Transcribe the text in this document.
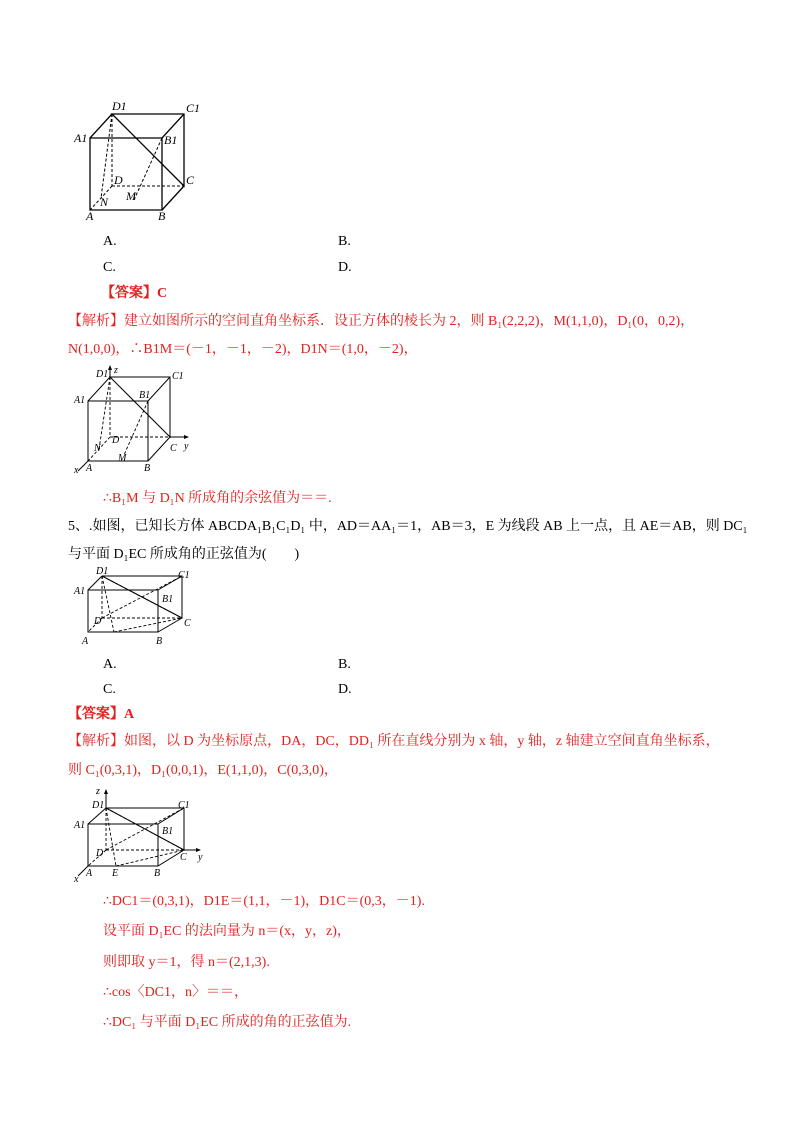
D1	C1
A1	B1
D	C
N M
A	B
A.	B.
C.	D.
【答案】C
【解析】建立如图所示的空间直角坐标系．设正方体的棱长为 2，则 B₁(2,2,2)，M(1,1,0)，D₁(0，0,2)，
N(1,0,0)，∴B1M＝(－1，－1，－2)，D1N＝(1,0，－2)，
D1 z
C1
B1
A1
D
y
N	C
x A
M
B
∴B₁M 与 D₁N 所成角的余弦值为＝＝.
5、.如图，已知长方体 ABCDA₁B₁C₁D₁ 中，AD＝AA₁＝1，AB＝3，E 为线段 AB 上一点，且 AE＝AB，则 DC₁
与平面 D₁EC 所成角的正弦值为(　　)
D1	C1
A1
B1
D	C
A	B
A.	B.
C.	D.
【答案】A
【解析】如图，以 D 为坐标原点，DA，DC，DD₁ 所在直线分别为 x 轴，y 轴，z 轴建立空间直角坐标系，
则 C₁(0,3,1)，D₁(0,0,1)，E(1,1,0)，C(0,3,0)，
z
D1	C1
A1
B1
D	C y
x
A E	B
∴DC1＝(0,3,1)，D1E＝(1,1，－1)，D1C＝(0,3，－1).
设平面 D₁EC 的法向量为 n＝(x，y，z)，
则即取 y＝1，得 n＝(2,1,3).
∴cos〈DC1，n〉＝＝，
∴DC₁ 与平面 D₁EC 所成的角的正弦值为.
